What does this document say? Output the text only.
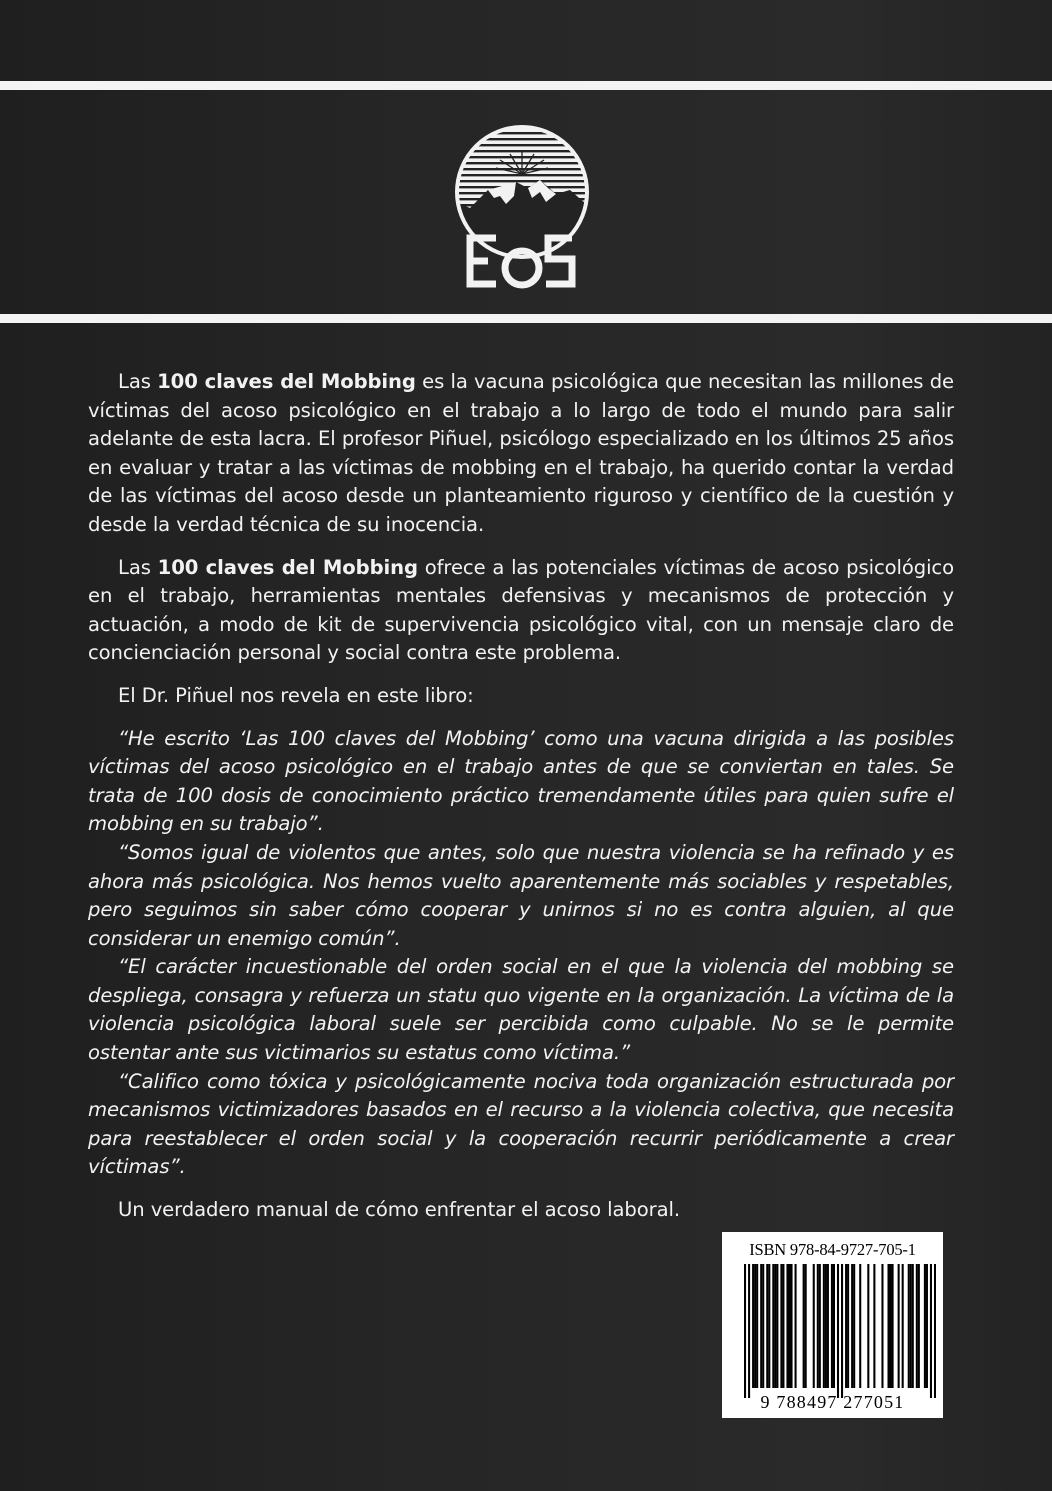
Las 100 claves del Mobbing es la vacuna psicológica que necesitan las millones de víctimas del acoso psicológico en el trabajo a lo largo de todo el mundo para salir adelante de esta lacra. El profesor Piñuel, psicólogo especializado en los últimos 25 años en evaluar y tratar a las víctimas de mobbing en el trabajo, ha querido contar la verdad de las víctimas del acoso desde un planteamiento riguroso y científico de la cuestión y desde la verdad técnica de su inocencia.

Las 100 claves del Mobbing ofrece a las potenciales víctimas de acoso psicológico en el trabajo, herramientas mentales defensivas y mecanismos de protección y actuación, a modo de kit de supervivencia psicológico vital, con un mensaje claro de concienciación personal y social contra este problema.

El Dr. Piñuel nos revela en este libro:

“He escrito ‘Las 100 claves del Mobbing’ como una vacuna dirigida a las posibles víctimas del acoso psicológico en el trabajo antes de que se conviertan en tales. Se trata de 100 dosis de conocimiento práctico tremendamente útiles para quien sufre el mobbing en su trabajo”.

“Somos igual de violentos que antes, solo que nuestra violencia se ha refinado y es ahora más psicológica. Nos hemos vuelto aparentemente más sociables y respetables, pero seguimos sin saber cómo cooperar y unirnos si no es contra alguien, al que considerar un enemigo común”.

“El carácter incuestionable del orden social en el que la violencia del mobbing se despliega, consagra y refuerza un statu quo vigente en la organización. La víctima de la violencia psicológica laboral suele ser percibida como culpable. No se le permite ostentar ante sus victimarios su estatus como víctima.”

“Califico como tóxica y psicológicamente nociva toda organización estructurada por mecanismos victimizadores basados en el recurso a la violencia colectiva, que necesita para reestablecer el orden social y la cooperación recurrir periódicamente a crear víctimas”.

Un verdadero manual de cómo enfrentar el acoso laboral.

ISBN 978-84-9727-705-1
9 788497 277051
